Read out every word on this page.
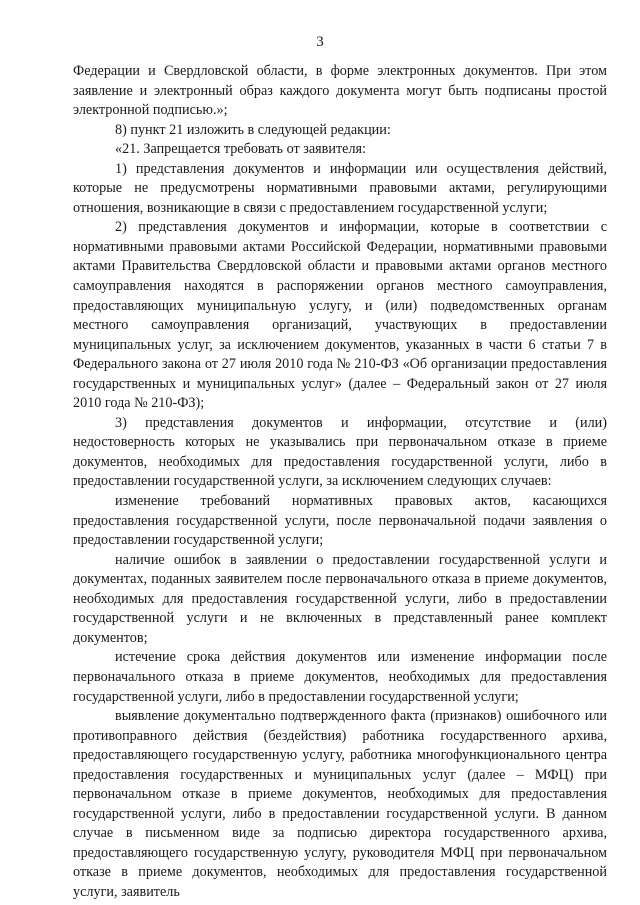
3

Федерации и Свердловской области, в форме электронных документов. При этом заявление и электронный образ каждого документа могут быть подписаны простой электронной подписью.»;

8) пункт 21 изложить в следующей редакции:

«21. Запрещается требовать от заявителя:

1) представления документов и информации или осуществления действий, которые не предусмотрены нормативными правовыми актами, регулирующими отношения, возникающие в связи с предоставлением государственной услуги;

2) представления документов и информации, которые в соответствии с нормативными правовыми актами Российской Федерации, нормативными правовыми актами Правительства Свердловской области и правовыми актами органов местного самоуправления находятся в распоряжении органов местного самоуправления, предоставляющих муниципальную услугу, и (или) подведомственных органам местного самоуправления организаций, участвующих в предоставлении муниципальных услуг, за исключением документов, указанных в части 6 статьи 7 в Федерального закона от 27 июля 2010 года № 210-ФЗ «Об организации предоставления государственных и муниципальных услуг» (далее – Федеральный закон от 27 июля 2010 года № 210-ФЗ);

3) представления документов и информации, отсутствие и (или) недостоверность которых не указывались при первоначальном отказе в приеме документов, необходимых для предоставления государственной услуги, либо в предоставлении государственной услуги, за исключением следующих случаев:

изменение требований нормативных правовых актов, касающихся предоставления государственной услуги, после первоначальной подачи заявления о предоставлении государственной услуги;

наличие ошибок в заявлении о предоставлении государственной услуги и документах, поданных заявителем после первоначального отказа в приеме документов, необходимых для предоставления государственной услуги, либо в предоставлении государственной услуги и не включенных в представленный ранее комплект документов;

истечение срока действия документов или изменение информации после первоначального отказа в приеме документов, необходимых для предоставления государственной услуги, либо в предоставлении государственной услуги;

выявление документально подтвержденного факта (признаков) ошибочного или противоправного действия (бездействия) работника государственного архива, предоставляющего государственную услугу, работника многофункционального центра предоставления государственных и муниципальных услуг (далее – МФЦ) при первоначальном отказе в приеме документов, необходимых для предоставления государственной услуги, либо в предоставлении государственной услуги. В данном случае в письменном виде за подписью директора государственного архива, предоставляющего государственную услугу, руководителя МФЦ при первоначальном отказе в приеме документов, необходимых для предоставления государственной услуги, заявитель
